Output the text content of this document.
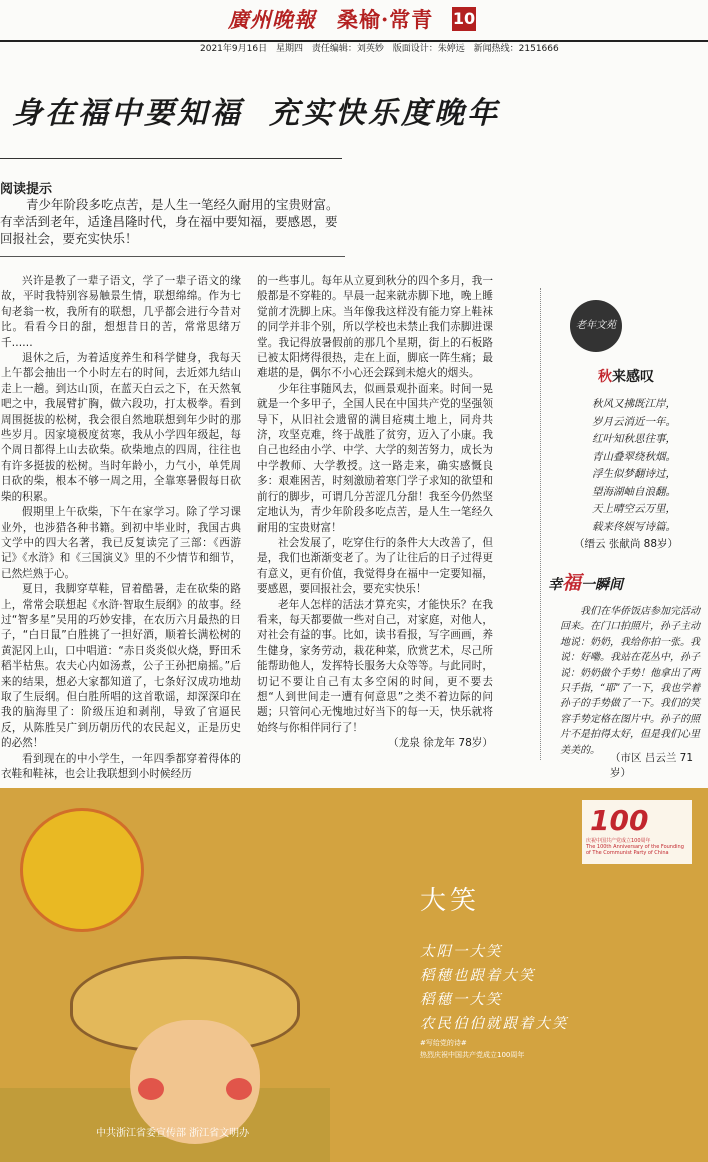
廣州晚報 桑榆·常青 10
2021年9月16日 星期四 责任编辑：刘英妙 版面设计：朱婷远 新闻热线：2151666
身在福中要知福 充实快乐度晚年
阅读提示

青少年阶段多吃点苦，是人生一笔经久耐用的宝贵财富。有幸活到老年，适逢昌隆时代，身在福中要知福，要感恩，要回报社会，要充实快乐！

兴许是教了一辈子语文，学了一辈子语文的缘故，平时我特别容易触景生情，联想绵绵。作为七旬老翁一枚，我所有的联想，几乎都会进行今昔对比。看看今日的甜，想想昔日的苦，常常思绪万千……

退休之后，为着适度养生和科学健身，我每天上午都会抽出一个小时左右的时间，去近郊九结山走上一趟。到达山顶，在蓝天白云之下，在天然氧吧之中，我展臂扩胸，做六段功，打太极拳。看到周围挺拔的松树，我会很自然地联想到年少时的那些岁月。因家境极度贫寒，我从小学四年级起，每个周日都得上山去砍柴。砍柴地点的四周，往往也有许多挺拔的松树。当时年龄小，力气小，单凭周日砍的柴，根本不够一周之用，全靠寒暑假每日砍柴的积累。

假期里上午砍柴，下午在家学习。除了学习课业外，也涉猎各种书籍。到初中毕业时，我国古典文学中的四大名著，我已反复读完了三部：《西游记》《水浒》和《三国演义》里的不少情节和细节，已然烂熟于心。

夏日，我脚穿草鞋，冒着酷暑，走在砍柴的路上，常常会联想起《水浒·智取生辰纲》的故事。经过“智多星”吴用的巧妙安排，在农历六月最热的日子，“白日鼠”白胜挑了一担好酒，顺着长满松树的黄泥冈上山，口中唱道：“赤日炎炎似火烧，野田禾稻半枯焦。农夫心内如汤煮，公子王孙把扇摇。”后来的结果，想必大家都知道了，七条好汉成功地劫取了生辰纲。但白胜所唱的这首歌谣，却深深印在我的脑海里了：阶级压迫和剥削，导致了官逼民反，从陈胜吴广到历朝历代的农民起义，正是历史的必然！

看到现在的中小学生，一年四季都穿着得体的衣鞋和鞋袜，也会让我联想到小时候经历

的一些事儿。每年从立夏到秋分的四个多月，我一般都是不穿鞋的。早晨一起来就赤脚下地，晚上睡觉前才洗脚上床。当年像我这样没有能力穿上鞋袜的同学并非个别，所以学校也未禁止我们赤脚进课堂。我记得放暑假前的那几个星期，街上的石板路已被太阳烤得很热，走在上面，脚底一阵生痛；最难堪的是，偶尔不小心还会踩到未熄火的烟头。

少年往事随风去，似画景观扑面来。时间一晃就是一个多甲子，全国人民在中国共产党的坚强领导下，从旧社会遗留的满目疮痍土地上，同舟共济，攻坚克难，终于战胜了贫穷，迈入了小康。我自己也经由小学、中学、大学的刻苦努力，成长为中学教师、大学教授。这一路走来，确实感慨良多：艰难困苦，时刻激励着寒门学子求知的欲望和前行的脚步，可谓几分苦涩几分甜！我至今仍然坚定地认为，青少年阶段多吃点苦，是人生一笔经久耐用的宝贵财富！

社会发展了，吃穿住行的条件大大改善了，但是，我们也渐渐变老了。为了让往后的日子过得更有意义，更有价值，我觉得身在福中一定要知福，要感恩，要回报社会，要充实快乐！

老年人怎样的活法才算充实，才能快乐？在我看来，每天都要做一些对自己，对家庭，对他人，对社会有益的事。比如，读书看报，写字画画，养生健身，家务劳动，栽花种菜，欣赏艺术，尽己所能帮助他人，发挥特长服务大众等等。与此同时，切记不要让自己有太多空闲的时间，更不要去想“人到世间走一遭有何意思”之类不着边际的问题；只管问心无愧地过好当下的每一天，快乐就将始终与你相伴同行了！

（龙泉 徐龙年 78岁）
老年文苑
秋来感叹
秋风又拂既江岸，
岁月云消近一年。
红叶知秋思往事，
青山叠翠绕秋烟。
浮生似梦翻诗过，
望海湖岫自浪翻。
天上晴空云万里，
载来佟娱写诗篇。
（缙云 张献尚 88岁）
幸福一瞬间

我们在华侨饭店参加完活动回来。在门口拍照片，孙子主动地说：奶奶，我给你拍一张。我说：好嘞。我站在花丛中，孙子说：奶奶做个手势！他拿出了两只手指，“耶”了一下，我也学着孙子的手势做了一下。我们的笑容手势定格在图片中。孙子的照片不是拍得太好，但是我们心里美美的。

（市区 吕云兰 71岁）
100
庆祝中国共产党成立100周年
The 100th Anniversary of the Founding of The Communist Party of China
大笑
太阳一大笑
稻穗也跟着大笑
稻穗一大笑
农民伯伯就跟着大笑
#写给党的诗#
热烈庆祝中国共产党成立100周年
中共浙江省委宣传部 浙江省文明办
